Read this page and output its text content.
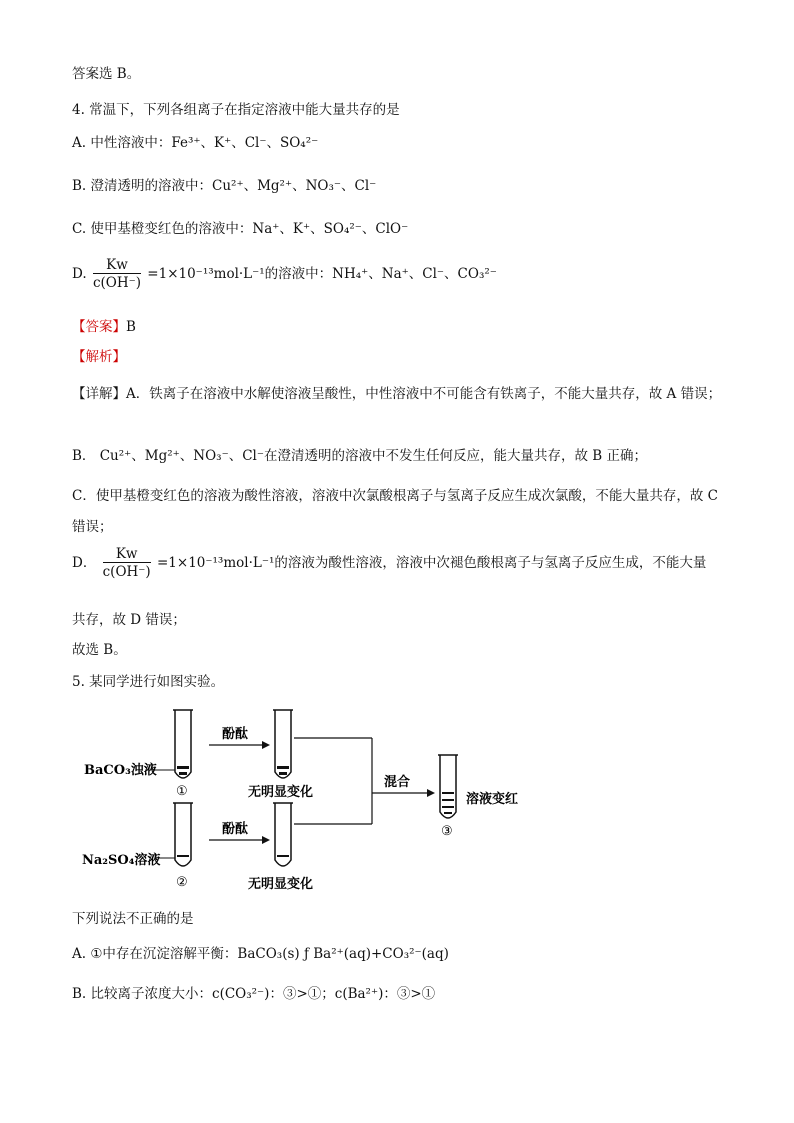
答案选 B。
4. 常温下，下列各组离子在指定溶液中能大量共存的是
A. 中性溶液中：Fe³⁺、K⁺、Cl⁻、SO₄²⁻
B. 澄清透明的溶液中：Cu²⁺、Mg²⁺、NO₃⁻、Cl⁻
C. 使甲基橙变红色的溶液中：Na⁺、K⁺、SO₄²⁻、ClO⁻
D. $\frac{Kw}{c(OH^-)} =1\times 10^{-13}mol\cdot L^{-1}$的溶液中：NH₄⁺、Na⁺、Cl⁻、CO₃²⁻
【答案】B
【解析】
【详解】A．铁离子在溶液中水解使溶液呈酸性，中性溶液中不可能含有铁离子，不能大量共存，故 A 错误；
B． Cu²⁺、Mg²⁺、NO₃⁻、Cl⁻在澄清透明的溶液中不发生任何反应，能大量共存，故 B 正确；
C．使甲基橙变红色的溶液为酸性溶液，溶液中次氯酸根离子与氢离子反应生成次氯酸，不能大量共存，故 C 错误；
D． $\frac{Kw}{c(OH^-)} =1\times 10^{-13}mol\cdot L^{-1}$的溶液为酸性溶液，溶液中次褪色酸根离子与氢离子反应生成，不能大量
共存，故 D 错误；
故选 B。
5. 某同学进行如图实验。
BaCO₃浊液
①
酚酞
无明显变化
Na₂SO₄溶液
②
酚酞
无明显变化
混合
③
溶液变红
下列说法不正确的是
A. ①中存在沉淀溶解平衡：BaCO₃(s) ƒ Ba²⁺(aq)+CO₃²⁻(aq)
B. 比较离子浓度大小：c(CO₃²⁻)：③>①；c(Ba²⁺)：③>①
